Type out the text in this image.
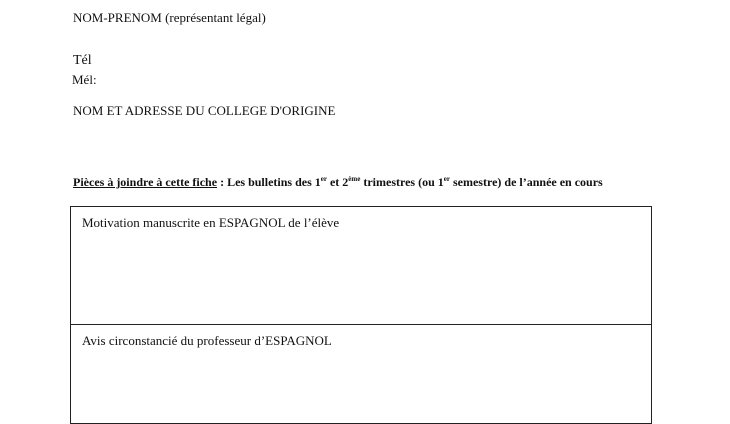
NOM-PRENOM (représentant légal)
Tél
Mél:
NOM ET ADRESSE DU COLLEGE D'ORIGINE
Pièces à joindre à cette fiche : Les bulletins des 1er et 2ème trimestres (ou 1er semestre) de l’année en cours
Motivation manuscrite en ESPAGNOL de l’élève
Avis circonstancié du professeur d’ESPAGNOL
